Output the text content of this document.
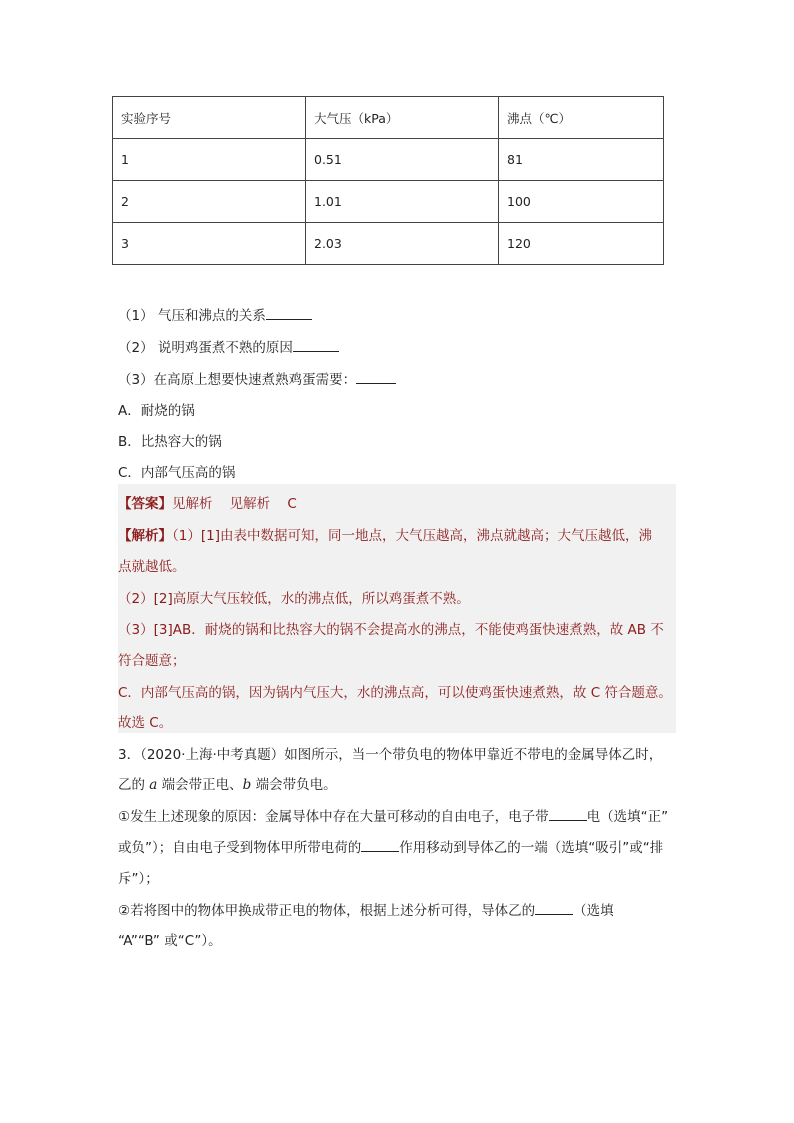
实验序号	大气压（kPa）	沸点（℃）
1	0.51	81
2	1.01	100
3	2.03	120
（1） 气压和沸点的关系
（2） 说明鸡蛋煮不熟的原因
（3）在高原上想要快速煮熟鸡蛋需要：
A．耐烧的锅
B．比热容大的锅
C．内部气压高的锅
【答案】见解析    见解析    C
【解析】（1）[1]由表中数据可知，同一地点，大气压越高，沸点就越高；大气压越低，沸
点就越低。
（2）[2]高原大气压较低，水的沸点低，所以鸡蛋煮不熟。
（3）[3]AB．耐烧的锅和比热容大的锅不会提高水的沸点，不能使鸡蛋快速煮熟，故 AB 不
符合题意；
C．内部气压高的锅，因为锅内气压大，水的沸点高，可以使鸡蛋快速煮熟，故 C 符合题意。
故选 C。
3．（2020·上海·中考真题）如图所示，当一个带负电的物体甲靠近不带电的金属导体乙时，
乙的 a 端会带正电、b 端会带负电。
①发生上述现象的原因：金属导体中存在大量可移动的自由电子，电子带	电（选填“正”
或负”）；自由电子受到物体甲所带电荷的	作用移动到导体乙的一端（选填“吸引”或“排
斥”）；
②若将图中的物体甲换成带正电的物体，根据上述分析可得，导体乙的	（选填
“A”“B” 或“C”）。
